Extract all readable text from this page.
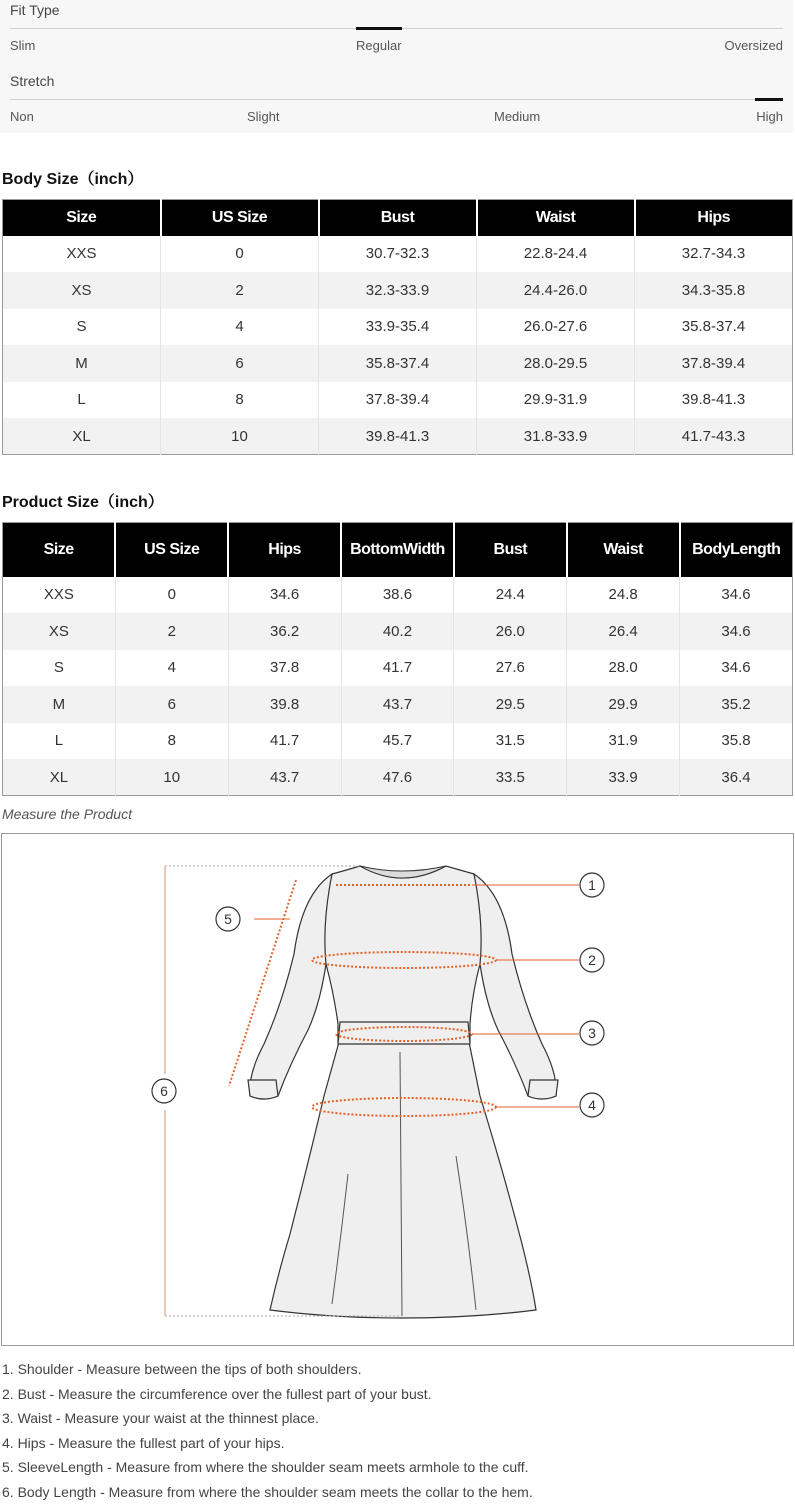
Fit Type
Slim	Regular	Oversized
Stretch
Non	Slight	Medium	High
Body Size（inch）
Size	US Size	Bust	Waist	Hips
XXS	0	30.7-32.3	22.8-24.4	32.7-34.3
XS	2	32.3-33.9	24.4-26.0	34.3-35.8
S	4	33.9-35.4	26.0-27.6	35.8-37.4
M	6	35.8-37.4	28.0-29.5	37.8-39.4
L	8	37.8-39.4	29.9-31.9	39.8-41.3
XL	10	39.8-41.3	31.8-33.9	41.7-43.3
Product Size（inch）
Size	US Size	Hips	BottomWidth	Bust	Waist	BodyLength
XXS	0	34.6	38.6	24.4	24.8	34.6
XS	2	36.2	40.2	26.0	26.4	34.6
S	4	37.8	41.7	27.6	28.0	34.6
M	6	39.8	43.7	29.5	29.9	35.2
L	8	41.7	45.7	31.5	31.9	35.8
XL	10	43.7	47.6	33.5	33.9	36.4
Measure the Product
1
2
3
4
5
6
1. Shoulder - Measure between the tips of both shoulders.
2. Bust - Measure the circumference over the fullest part of your bust.
3. Waist - Measure your waist at the thinnest place.
4. Hips - Measure the fullest part of your hips.
5. SleeveLength - Measure from where the shoulder seam meets armhole to the cuff.
6. Body Length - Measure from where the shoulder seam meets the collar to the hem.
